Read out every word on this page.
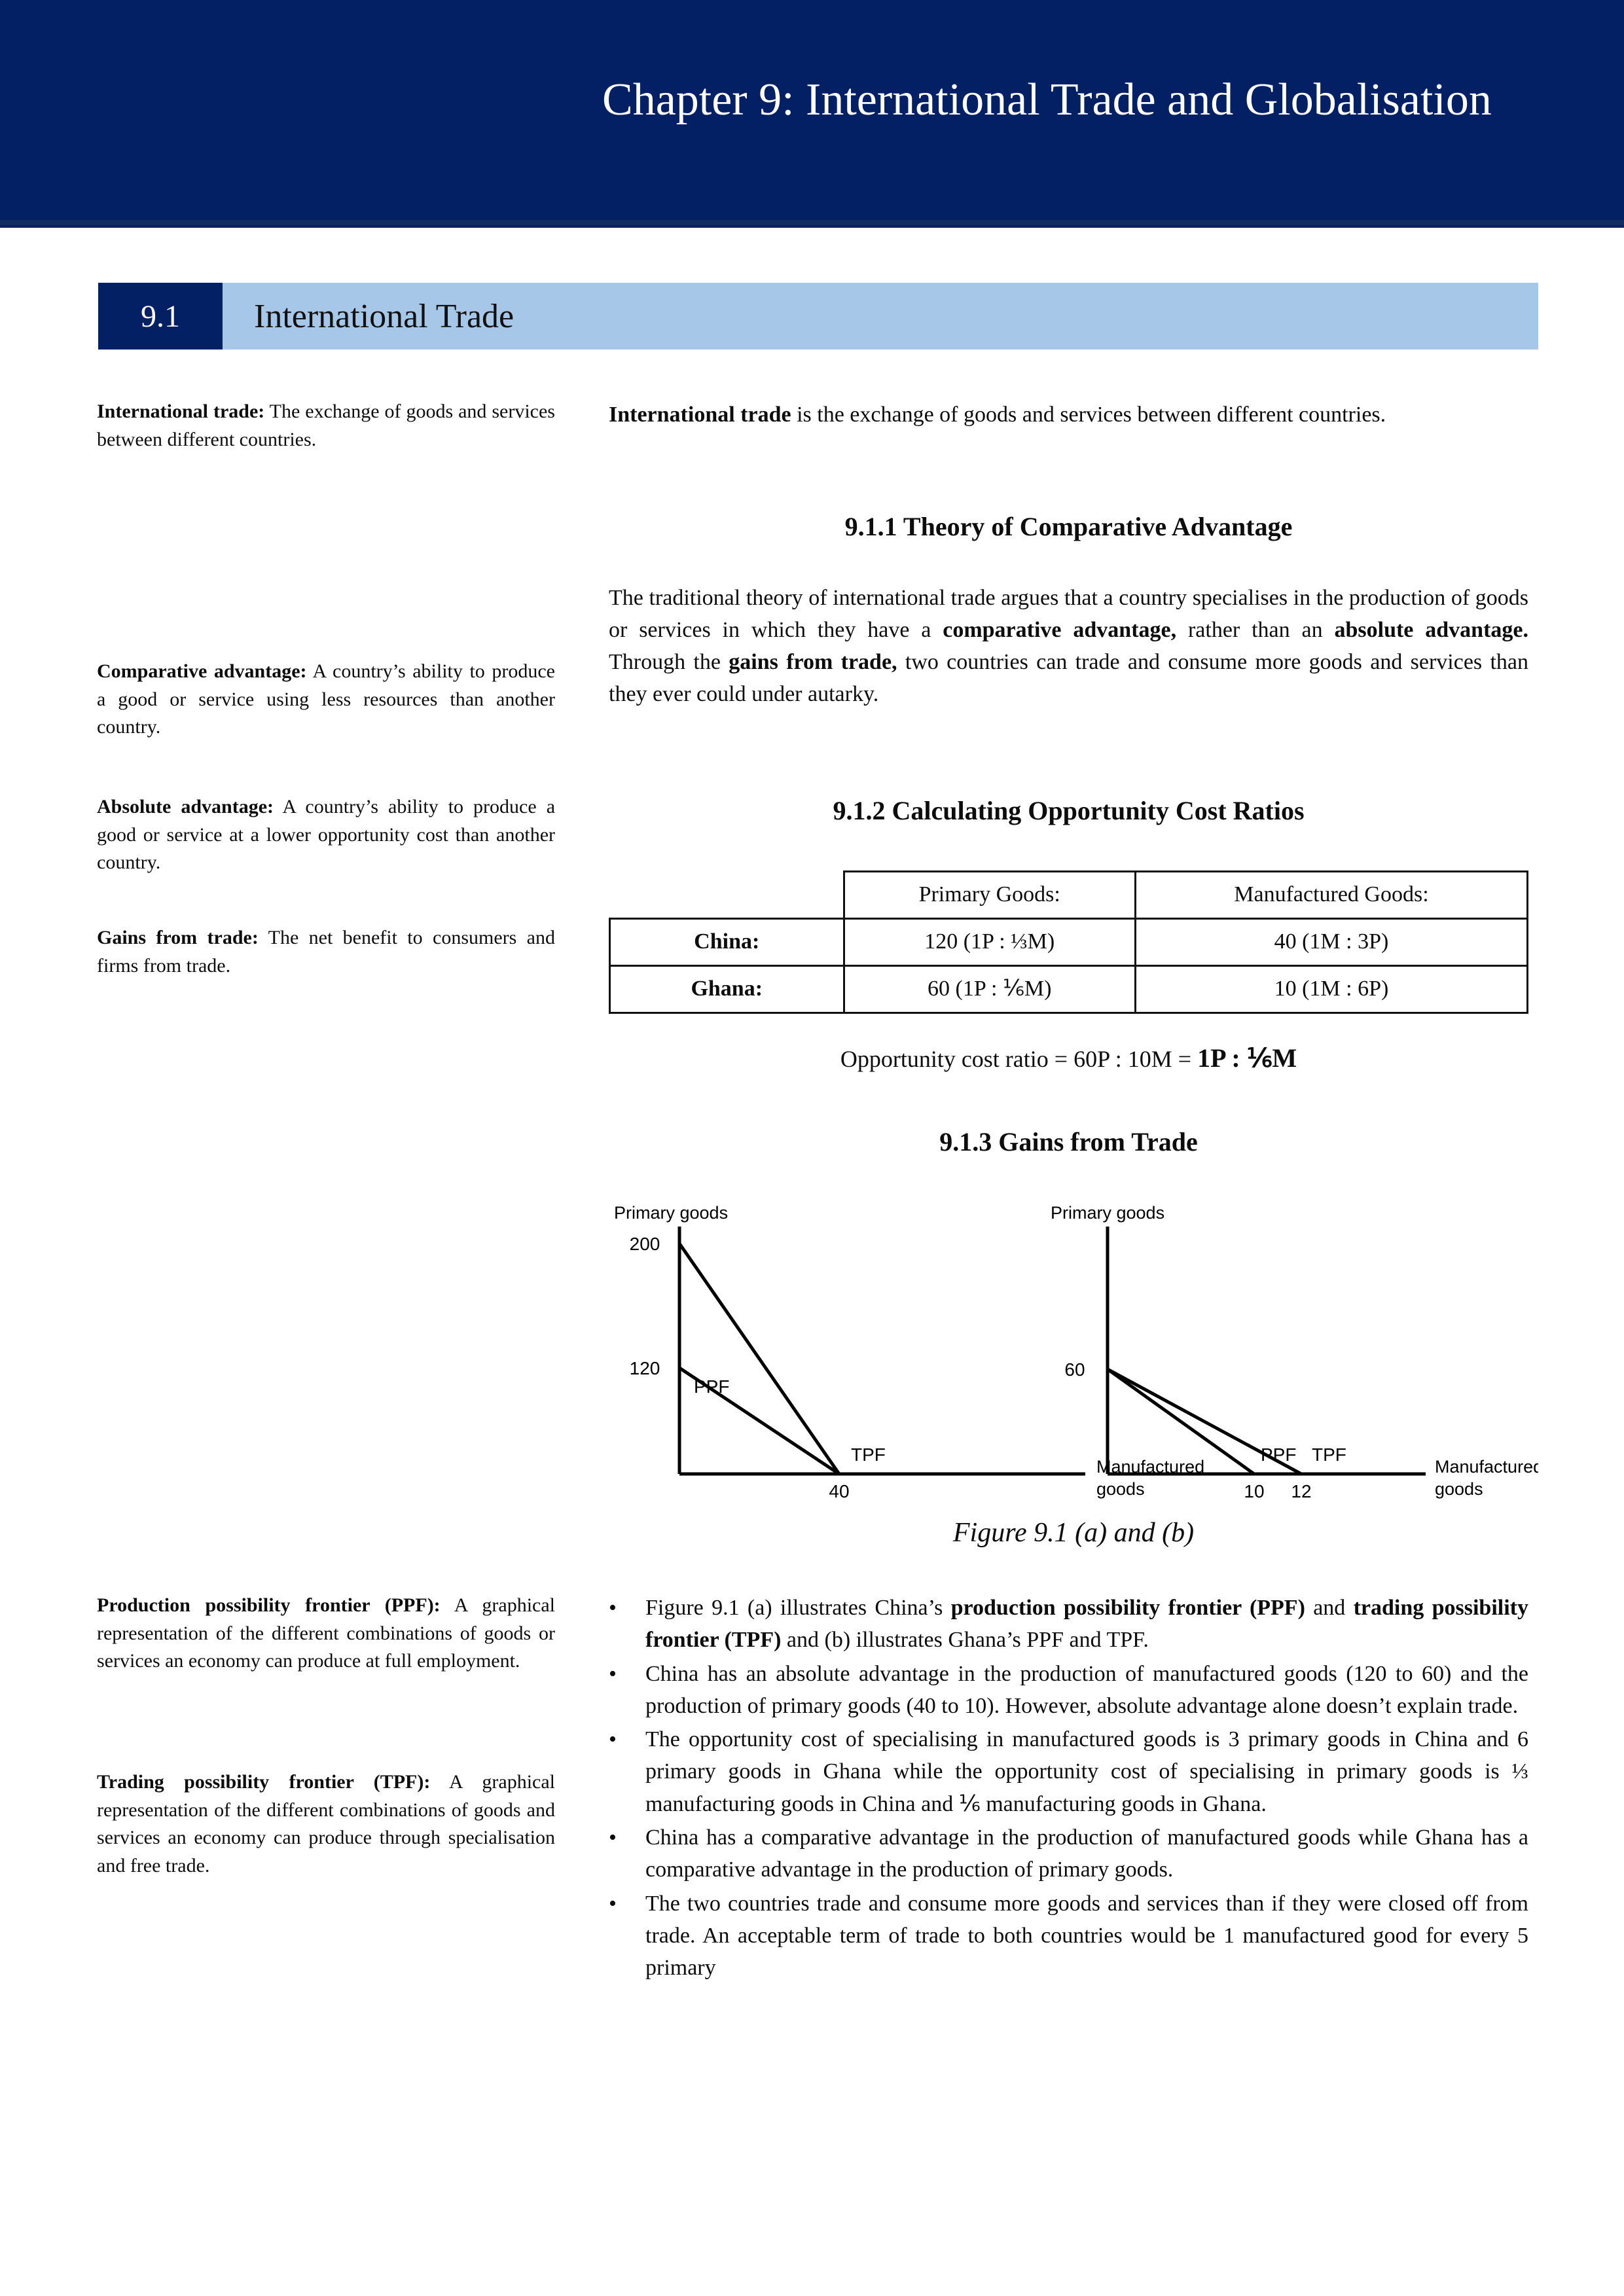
Chapter 9: International Trade and Globalisation
9.1	International Trade
International trade: The exchange of goods and services between different countries.
Comparative advantage: A country’s ability to produce a good or service using less resources than another country.
Absolute advantage: A country’s ability to produce a good or service at a lower opportunity cost than another country.
Gains from trade: The net benefit to consumers and firms from trade.
Production possibility frontier (PPF): A graphical representation of the different combinations of goods or services an economy can produce at full employment.
Trading possibility frontier (TPF): A graphical representation of the different combinations of goods and services an economy can produce through specialisation and free trade.
International trade is the exchange of goods and services between different countries.
9.1.1 Theory of Comparative Advantage
The traditional theory of international trade argues that a country specialises in the production of goods or services in which they have a comparative advantage, rather than an absolute advantage. Through the gains from trade, two countries can trade and consume more goods and services than they ever could under autarky.
9.1.2 Calculating Opportunity Cost Ratios
	Primary Goods:	Manufactured Goods:
China:	120 (1P : ⅓M)	40 (1M : 3P)
Ghana:	60 (1P : ⅙M)	10 (1M : 6P)
Opportunity cost ratio = 60P : 10M = 1P : ⅙M
9.1.3 Gains from Trade
Primary goods
200
120
PPF
TPF
40
Manufactured
goods
Primary goods
60
PPF TPF
10 12
Manufactured
goods
Figure 9.1 (a) and (b)
•	Figure 9.1 (a) illustrates China’s production possibility frontier (PPF) and trading possibility frontier (TPF) and (b) illustrates Ghana’s PPF and TPF.
•	China has an absolute advantage in the production of manufactured goods (120 to 60) and the production of primary goods (40 to 10). However, absolute advantage alone doesn’t explain trade.
•	The opportunity cost of specialising in manufactured goods is 3 primary goods in China and 6 primary goods in Ghana while the opportunity cost of specialising in primary goods is ⅓ manufacturing goods in China and ⅙ manufacturing goods in Ghana.
•	China has a comparative advantage in the production of manufactured goods while Ghana has a comparative advantage in the production of primary goods.
•	The two countries trade and consume more goods and services than if they were closed off from trade. An acceptable term of trade to both countries would be 1 manufactured good for every 5 primary
